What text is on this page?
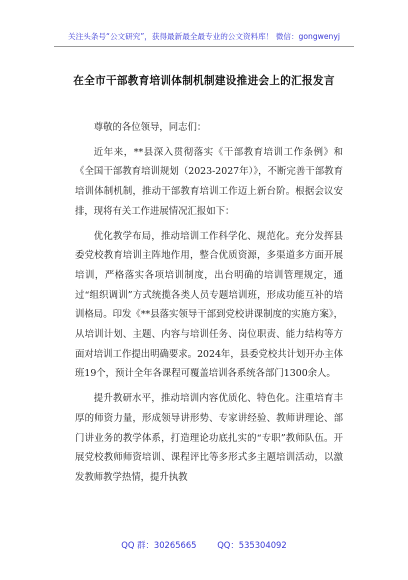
关注头条号“公文研究”，获得最新最全最专业的公文资料库！ 微信：gongwenyj
在全市干部教育培训体制机制建设推进会上的汇报发言

尊敬的各位领导，同志们：

近年来，**县深入贯彻落实《干部教育培训工作条例》和《全国干部教育培训规划（2023-2027年）》，不断完善干部教育培训体制机制，推动干部教育培训工作迈上新台阶。根据会议安排，现将有关工作进展情况汇报如下：

优化教学布局，推动培训工作科学化、规范化。充分发挥县委党校教育培训主阵地作用，整合优质资源，多渠道多方面开展培训，严格落实各项培训制度，出台明确的培训管理规定，通过“组织调训”方式统揽各类人员专题培训班，形成功能互补的培训格局。印发《**县落实领导干部到党校讲课制度的实施方案》，从培训计划、主题、内容与培训任务、岗位职责、能力结构等方面对培训工作提出明确要求。2024年，县委党校共计划开办主体班19个，预计全年各课程可覆盖培训各系统各部门1300余人。

提升教研水平，推动培训内容优质化、特色化。注重培育丰厚的师资力量，形成领导讲形势、专家讲经验、教师讲理论、部门讲业务的教学体系，打造理论功底扎实的“专职”教师队伍。开展党校教师师资培训、课程评比等多形式多主题培训活动，以激发教师教学热情，提升执教

QQ 群：30265665 QQ：535304092
